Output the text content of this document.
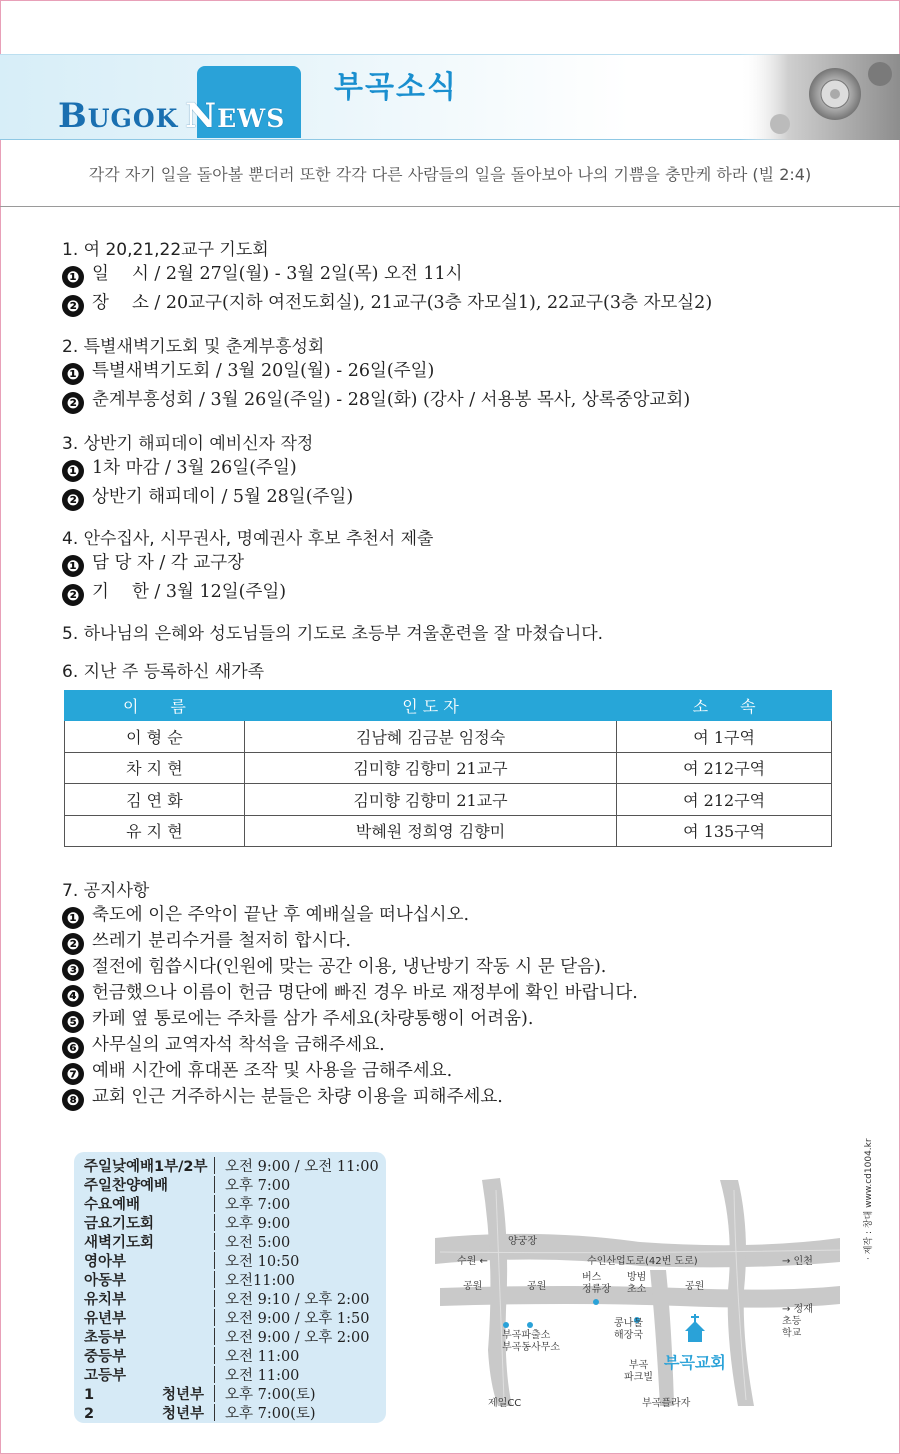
BUGOK NEWS
부곡소식
각각 자기 일을 돌아볼 뿐더러 또한 각각 다른 사람들의 일을 돌아보아 나의 기쁨을 충만케 하라 (빌 2:4)
1. 여 20,21,22교구 기도회
❶ 일　 시 / 2월 27일(월) - 3월 2일(목) 오전 11시
❷ 장　 소 / 20교구(지하 여전도회실), 21교구(3층 자모실1), 22교구(3층 자모실2)
2. 특별새벽기도회 및 춘계부흥성회
❶ 특별새벽기도회 / 3월 20일(월) - 26일(주일)
❷ 춘계부흥성회 / 3월 26일(주일) - 28일(화) (강사 / 서용봉 목사, 상록중앙교회)
3. 상반기 해피데이 예비신자 작정
❶ 1차 마감 / 3월 26일(주일)
❷ 상반기 해피데이 / 5월 28일(주일)
4. 안수집사, 시무권사, 명예권사 후보 추천서 제출
❶ 담 당 자 / 각 교구장
❷ 기　 한 / 3월 12일(주일)
5. 하나님의 은혜와 성도님들의 기도로 초등부 겨울훈련을 잘 마쳤습니다.
6. 지난 주 등록하신 새가족
이　　름	인 도 자	소　　속
이 형 순	김남혜 김금분 임정숙	여 1구역
차 지 현	김미향 김향미 21교구	여 212구역
김 연 화	김미향 김향미 21교구	여 212구역
유 지 현	박혜원 정희영 김향미	여 135구역
7. 공지사항
❶ 축도에 이은 주악이 끝난 후 예배실을 떠나십시오.
❷ 쓰레기 분리수거를 철저히 합시다.
❸ 절전에 힘씁시다(인원에 맞는 공간 이용, 냉난방기 작동 시 문 닫음).
❹ 헌금했으나 이름이 헌금 명단에 빠진 경우 바로 재정부에 확인 바랍니다.
❺ 카페 옆 통로에는 주차를 삼가 주세요(차량통행이 어려움).
❻ 사무실의 교역자석 착석을 금해주세요.
❼ 예배 시간에 휴대폰 조작 및 사용을 금해주세요.
❽ 교회 인근 거주하시는 분들은 차량 이용을 피해주세요.
주일낮예배1부/2부 오전 9:00 / 오전 11:00
주일찬양예배	오후 7:00
수요예배	오후 7:00
금요기도회	오후 9:00
새벽기도회	오전 5:00
영아부	오전 10:50
아동부	오전11:00
유치부	오전 9:10 / 오후 2:00
유년부	오전 9:00 / 오후 1:50
초등부	오전 9:00 / 오후 2:00
중등부	오전 11:00
고등부	오전 11:00
1 청년부 오후 7:00(토)
2 청년부 오후 7:00(토)
양궁장
수원 ←	수인산업도로(42번 도로)	→ 인천
공원	공원	공원
버스
정류장
방범
초소
부곡파출소
부곡동사무소
콩나물
해장국
→ 정재
초등
학교
부곡
파크빌
부곡교회
제일CC	부곡플라자
· 제작 : 창대 www.cd1004.kr
